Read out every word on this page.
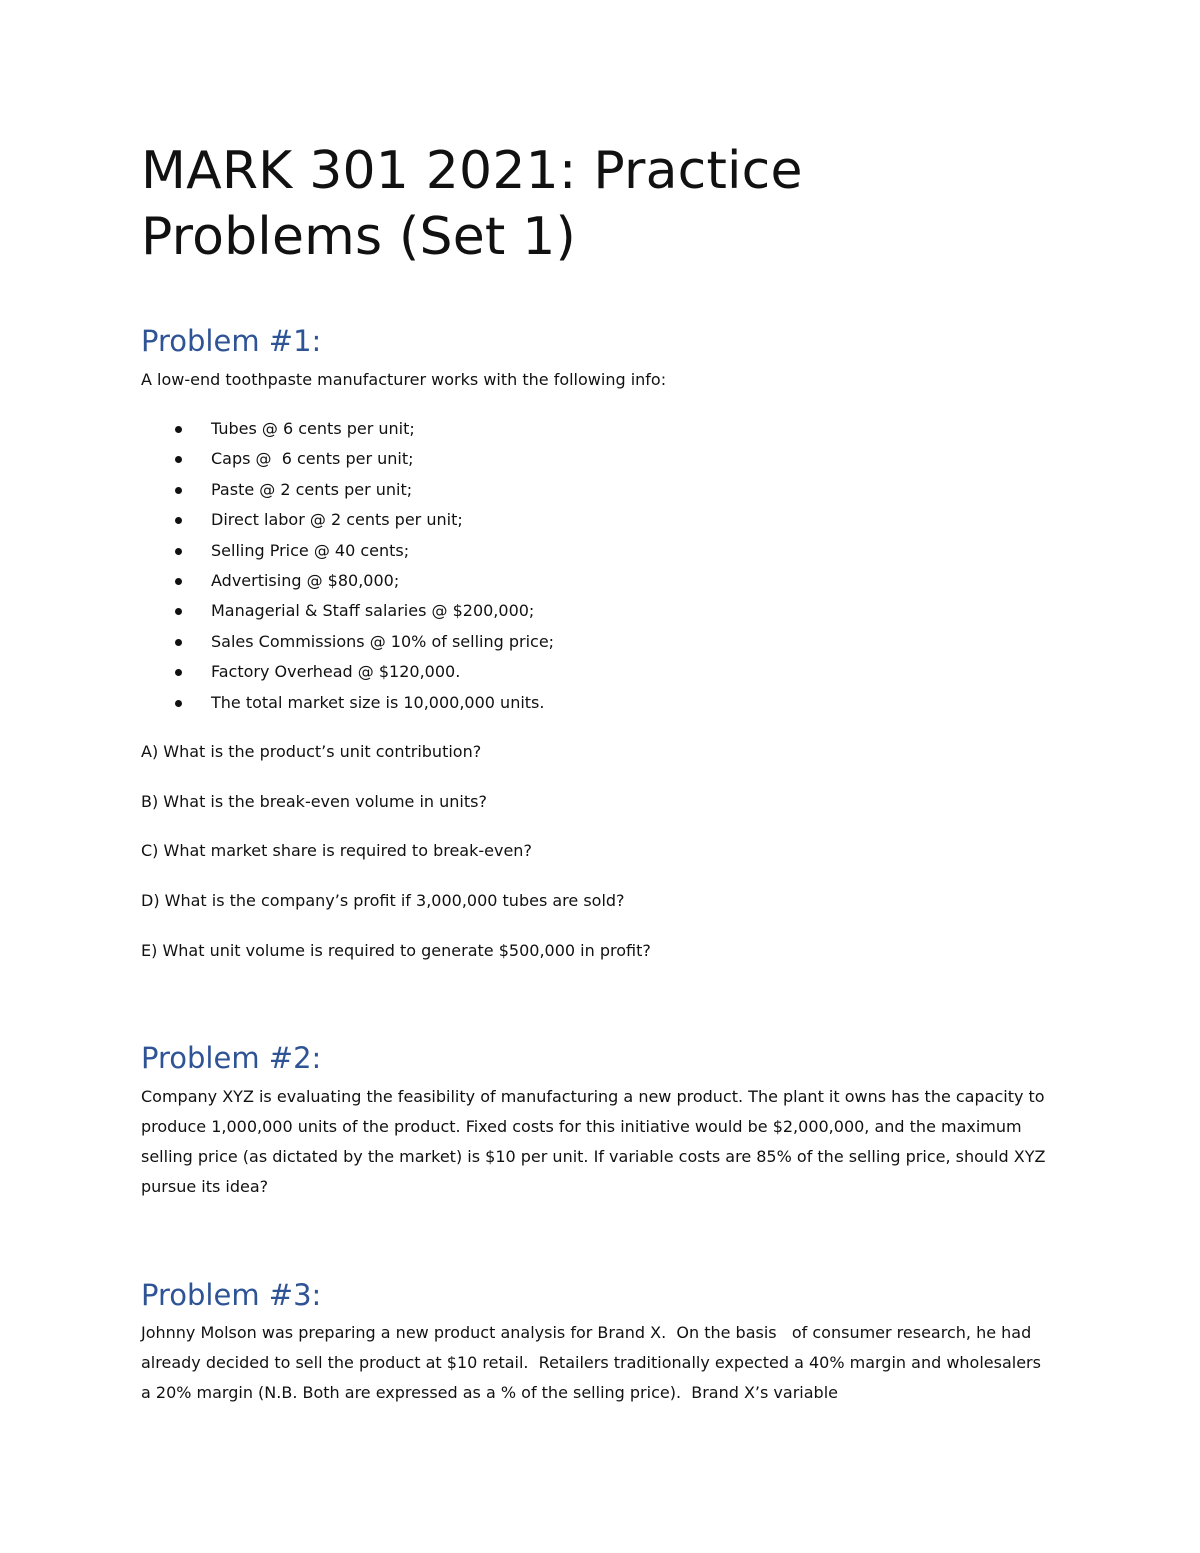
MARK 301 2021: Practice Problems (Set 1)
Problem #1:

A low-end toothpaste manufacturer works with the following info:

Tubes @ 6 cents per unit;
Caps @  6 cents per unit;
Paste @ 2 cents per unit;
Direct labor @ 2 cents per unit;
Selling Price @ 40 cents;
Advertising @ $80,000;
Managerial & Staff salaries @ $200,000;
Sales Commissions @ 10% of selling price;
Factory Overhead @ $120,000.
The total market size is 10,000,000 units.

A) What is the product’s unit contribution?

B) What is the break-even volume in units?

C) What market share is required to break-even?

D) What is the company’s profit if 3,000,000 tubes are sold?

E) What unit volume is required to generate $500,000 in profit?

Problem #2:

Company XYZ is evaluating the feasibility of manufacturing a new product. The plant it owns has the capacity to produce 1,000,000 units of the product. Fixed costs for this initiative would be $2,000,000, and the maximum selling price (as dictated by the market) is $10 per unit. If variable costs are 85% of the selling price, should XYZ pursue its idea?

Problem #3:

Johnny Molson was preparing a new product analysis for Brand X.  On the basis   of consumer research, he had already decided to sell the product at $10 retail.  Retailers traditionally expected a 40% margin and wholesalers a 20% margin (N.B. Both are expressed as a % of the selling price).  Brand X’s variable
